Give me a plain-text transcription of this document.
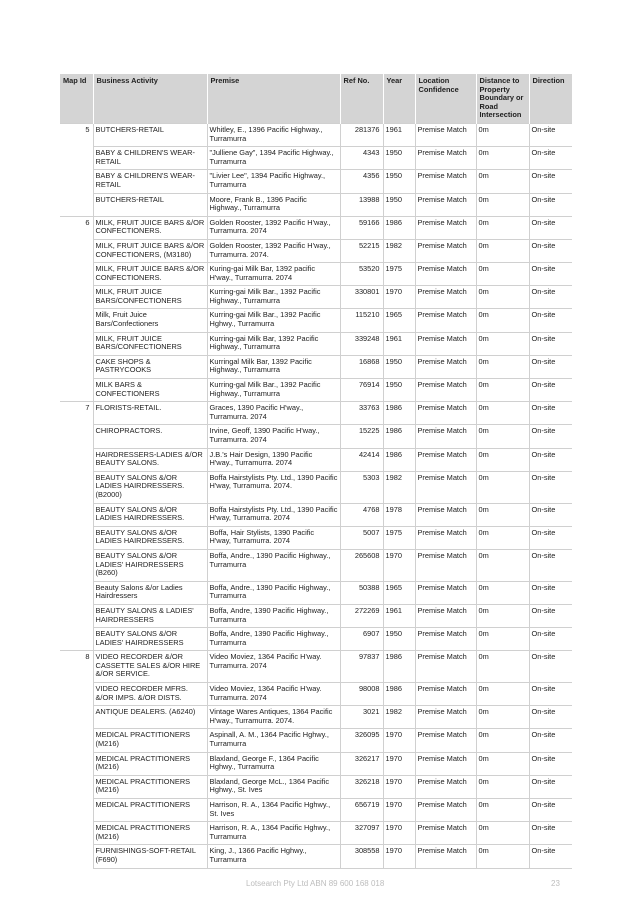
Map Id	Business Activity	Premise	Ref No.	Year	Location Confidence	Distance to Property Boundary or Road Intersection	Direction
5	BUTCHERS-RETAIL	Whitley, E., 1396 Pacific Highway., Turramurra	281376	1961	Premise Match	0m	On-site
	BABY & CHILDREN'S WEAR-RETAIL	"Julliene Gay", 1394 Pacific Highway., Turramurra	4343	1950	Premise Match	0m	On-site
	BABY & CHILDREN'S WEAR-RETAIL	"Livier Lee", 1394 Pacific Highway., Turramurra	4356	1950	Premise Match	0m	On-site
	BUTCHERS-RETAIL	Moore, Frank B., 1396 Pacific Highway., Turramurra	13988	1950	Premise Match	0m	On-site
6	MILK, FRUIT JUICE BARS &/OR CONFECTIONERS.	Golden Rooster, 1392 Pacific H'way., Turramurra. 2074	59166	1986	Premise Match	0m	On-site
	MILK, FRUIT JUICE BARS &/OR CONFECTIONERS, (M3180)	Golden Rooster, 1392 Pacific H'way., Turramurra. 2074.	52215	1982	Premise Match	0m	On-site
	MILK, FRUIT JUICE BARS &/OR CONFECTIONERS.	Kuring-gai Milk Bar, 1392 pacific H'way., Turramurra. 2074	53520	1975	Premise Match	0m	On-site
	MILK, FRUIT JUICE BARS/CONFECTIONERS	Kurring-gai Milk Bar., 1392 Pacific Highway., Turramurra	330801	1970	Premise Match	0m	On-site
	Milk, Fruit Juice Bars/Confectioners	Kurring-gai Milk Bar., 1392 Pacific Hghwy., Turramurra	115210	1965	Premise Match	0m	On-site
	MILK, FRUIT JUICE BARS/CONFECTIONERS	Kurring-gai Milk Bar, 1392 Pacific Highway., Turramurra	339248	1961	Premise Match	0m	On-site
	CAKE SHOPS & PASTRYCOOKS	Kurringal Milk Bar, 1392 Pacific Highway., Turramurra	16868	1950	Premise Match	0m	On-site
	MILK BARS & CONFECTIONERS	Kurring-gal Milk Bar., 1392 Pacific Highway., Turramurra	76914	1950	Premise Match	0m	On-site
7	FLORISTS-RETAIL.	Graces, 1390 Pacific H'way., Turramurra. 2074	33763	1986	Premise Match	0m	On-site
	CHIROPRACTORS.	Irvine, Geoff, 1390 Pacific H'way., Turramurra. 2074	15225	1986	Premise Match	0m	On-site
	HAIRDRESSERS-LADIES &/OR BEAUTY SALONS.	J.B.'s Hair Design, 1390 Pacific H'way., Turramurra. 2074	42414	1986	Premise Match	0m	On-site
	BEAUTY SALONS &/OR LADIES HAIRDRESSERS. (B2000)	Boffa Hairstylists Pty. Ltd., 1390 Pacific H'way, Turramurra. 2074.	5303	1982	Premise Match	0m	On-site
	BEAUTY SALONS &/OR LADIES HAIRDRESSERS.	Boffa Hairstylists Pty. Ltd., 1390 Pacific H'way, Turramurra. 2074	4768	1978	Premise Match	0m	On-site
	BEAUTY SALONS &/OR LADIES HAIRDRESSERS.	Boffa, Hair Stylists, 1390 Pacific H'way, Turramurra. 2074	5007	1975	Premise Match	0m	On-site
	BEAUTY SALONS &/OR LADIES' HAIRDRESSERS (B260)	Boffa, Andre., 1390 Pacific Highway., Turramurra	265608	1970	Premise Match	0m	On-site
	Beauty Salons &/or Ladies Hairdressers	Boffa, Andre., 1390 Pacific Highway., Turramurra	50388	1965	Premise Match	0m	On-site
	BEAUTY SALONS & LADIES' HAIRDRESSERS	Boffa, Andre, 1390 Pacific Highway., Turramurra	272269	1961	Premise Match	0m	On-site
	BEAUTY SALONS &/OR LADIES' HAIRDRESSERS	Boffa, Andre, 1390 Pacific Highway., Turramurra	6907	1950	Premise Match	0m	On-site
8	VIDEO RECORDER &/OR CASSETTE SALES &/OR HIRE &/OR SERVICE.	Video Moviez, 1364 Pacific H'way. Turramurra. 2074	97837	1986	Premise Match	0m	On-site
	VIDEO RECORDER MFRS. &/OR IMPS. &/OR DISTS.	Video Moviez, 1364 Pacific H'way. Turramurra. 2074	98008	1986	Premise Match	0m	On-site
	ANTIQUE DEALERS. (A6240)	Vintage Wares Antiques, 1364 Pacific H'way., Turramurra. 2074.	3021	1982	Premise Match	0m	On-site
	MEDICAL PRACTITIONERS (M216)	Aspinall, A. M., 1364 Pacific Hghwy., Turramurra	326095	1970	Premise Match	0m	On-site
	MEDICAL PRACTITIONERS (M216)	Blaxland, George F., 1364 Pacific Hghwy., Turramurra	326217	1970	Premise Match	0m	On-site
	MEDICAL PRACTITIONERS (M216)	Blaxland, George McL., 1364 Pacific Hghwy., St. Ives	326218	1970	Premise Match	0m	On-site
	MEDICAL PRACTITIONERS	Harrison, R. A., 1364 Pacific Hghwy., St. Ives	656719	1970	Premise Match	0m	On-site
	MEDICAL PRACTITIONERS (M216)	Harrison, R. A., 1364 Pacific Hghwy., Turramurra	327097	1970	Premise Match	0m	On-site
	FURNISHINGS-SOFT-RETAIL (F690)	King, J., 1366 Pacific Hghwy., Turramurra	308558	1970	Premise Match	0m	On-site
Lotsearch Pty Ltd ABN 89 600 168 018	23
